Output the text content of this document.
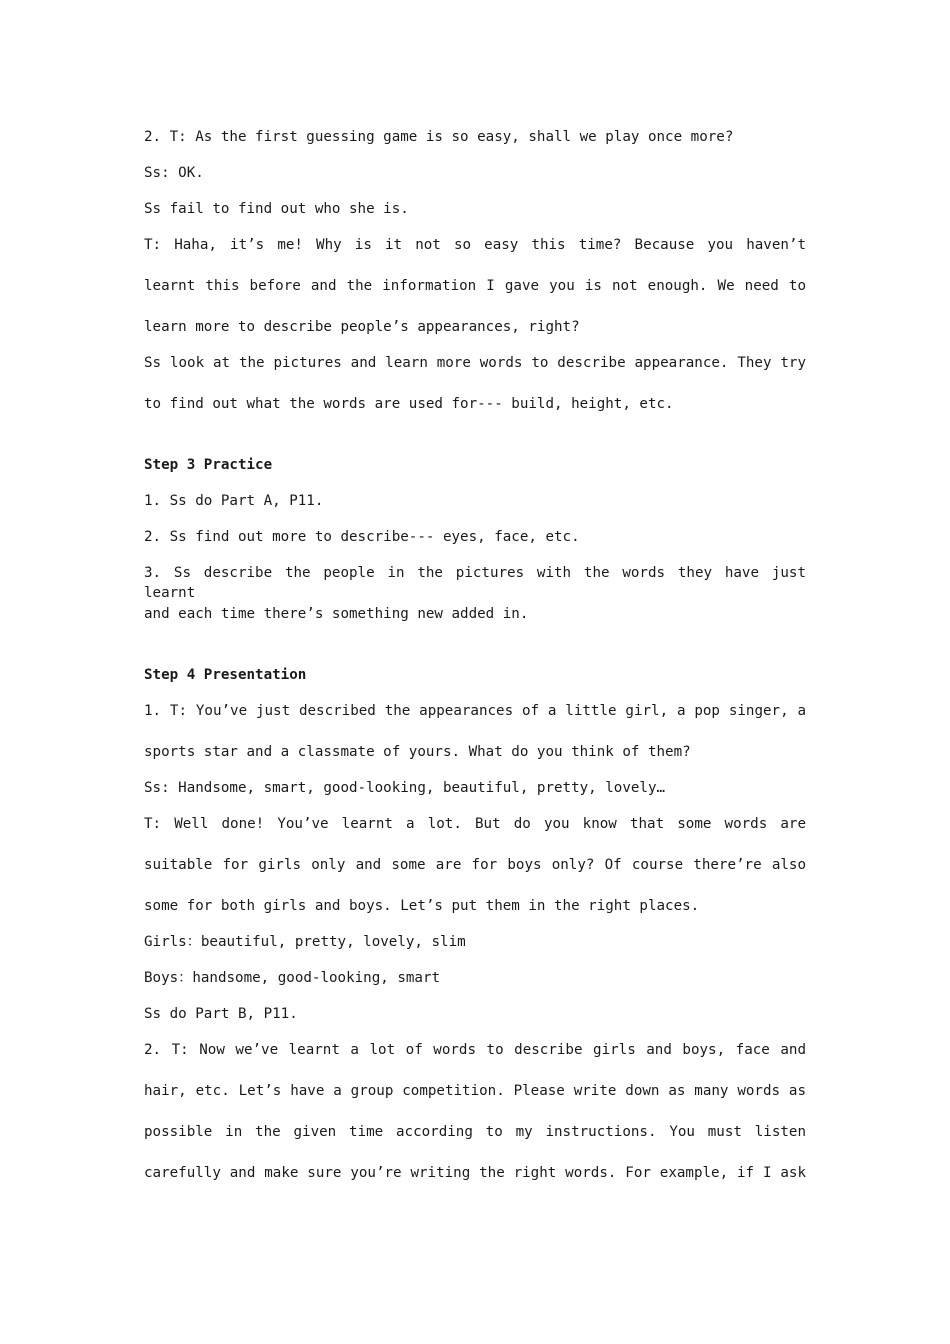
2. T: As the first guessing game is so easy, shall we play once more?
Ss: OK.
Ss fail to find out who she is.
T: Haha, it’s me! Why is it not so easy this time? Because you haven’t
learnt this before and the information I gave you is not enough. We need to
learn more to describe people’s appearances, right?
Ss look at the pictures and learn more words to describe appearance. They try
to find out what the words are used for--- build, height, etc.
Step 3 Practice
1. Ss do Part A, P11.
2. Ss find out more to describe--- eyes, face, etc.
3. Ss describe the people in the pictures with the words they have just learnt
and each time there’s something new added in.
Step 4 Presentation
1. T: You’ve just described the appearances of a little girl, a pop singer, a
sports star and a classmate of yours. What do you think of them?
Ss: Handsome, smart, good-looking, beautiful, pretty, lovely…
T: Well done! You’ve learnt a lot. But do you know that some words are
suitable for girls only and some are for boys only? Of course there’re also
some for both girls and boys. Let’s put them in the right places.
Girls：beautiful, pretty, lovely, slim
Boys：handsome, good-looking, smart
Ss do Part B, P11.
2. T: Now we’ve learnt a lot of words to describe girls and boys, face and
hair, etc. Let’s have a group competition. Please write down as many words as
possible in the given time according to my instructions. You must listen
carefully and make sure you’re writing the right words. For example, if I ask
